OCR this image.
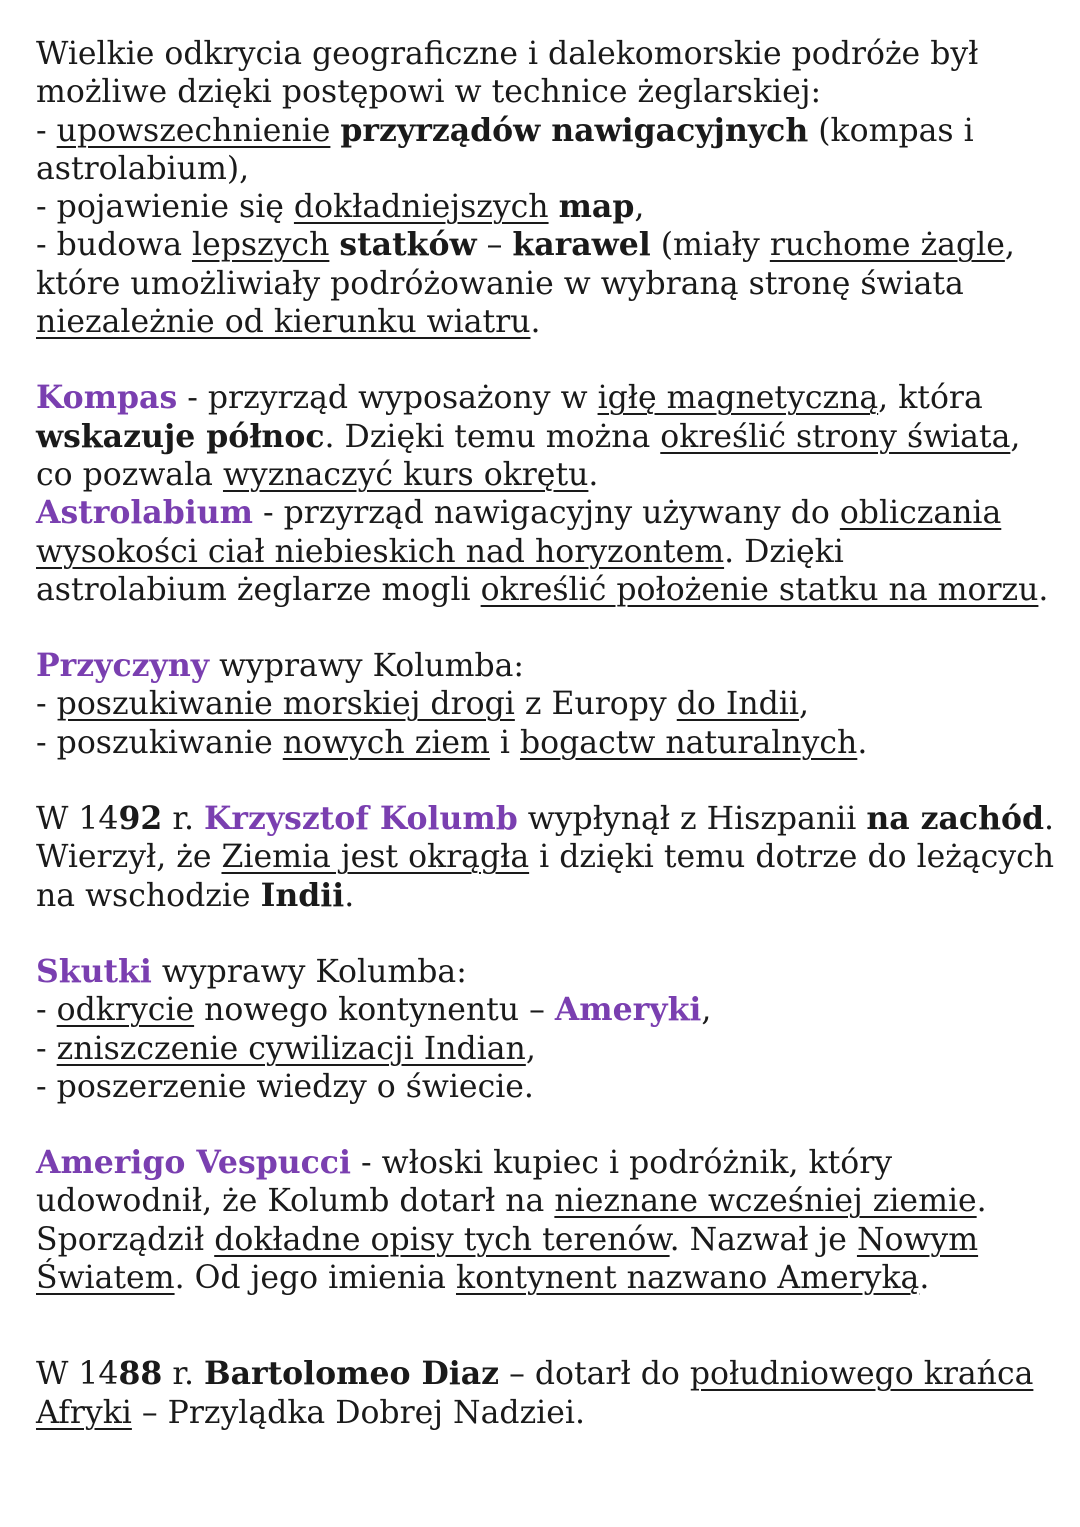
Wielkie odkrycia geograficzne i dalekomorskie podróże był
możliwe dzięki postępowi w technice żeglarskiej:
- upowszechnienie przyrządów nawigacyjnych (kompas i
astrolabium),
- pojawienie się dokładniejszych map,
- budowa lepszych statków – karawel (miały ruchome żagle,
które umożliwiały podróżowanie w wybraną stronę świata
niezależnie od kierunku wiatru.

Kompas - przyrząd wyposażony w igłę magnetyczną, która
wskazuje północ. Dzięki temu można określić strony świata,
co pozwala wyznaczyć kurs okrętu.
Astrolabium - przyrząd nawigacyjny używany do obliczania
wysokości ciał niebieskich nad horyzontem. Dzięki
astrolabium żeglarze mogli określić położenie statku na morzu.

Przyczyny wyprawy Kolumba:
- poszukiwanie morskiej drogi z Europy do Indii,
- poszukiwanie nowych ziem i bogactw naturalnych.

W 1492 r. Krzysztof Kolumb wypłynął z Hiszpanii na zachód.
Wierzył, że Ziemia jest okrągła i dzięki temu dotrze do leżących
na wschodzie Indii.

Skutki wyprawy Kolumba:
- odkrycie nowego kontynentu – Ameryki,
- zniszczenie cywilizacji Indian,
- poszerzenie wiedzy o świecie.

Amerigo Vespucci - włoski kupiec i podróżnik, który
udowodnił, że Kolumb dotarł na nieznane wcześniej ziemie.
Sporządził dokładne opisy tych terenów. Nazwał je Nowym
Światem. Od jego imienia kontynent nazwano Ameryką.

W 1488 r. Bartolomeo Diaz – dotarł do południowego krańca
Afryki – Przylądka Dobrej Nadziei.
